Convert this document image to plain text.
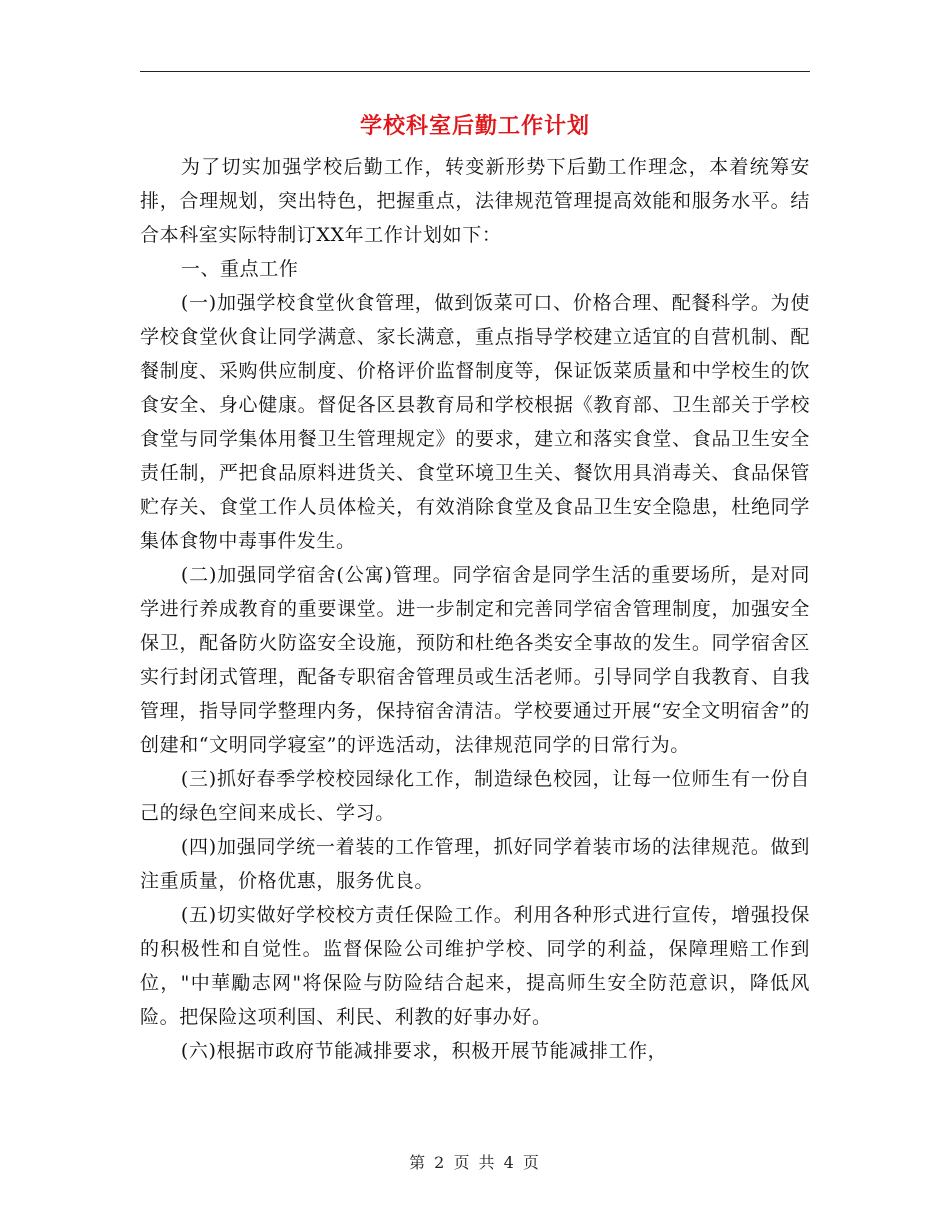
学校科室后勤工作计划

为了切实加强学校后勤工作，转变新形势下后勤工作理念，本着统筹安排，合理规划，突出特色，把握重点，法律规范管理提高效能和服务水平。结合本科室实际特制订XX年工作计划如下：

一、重点工作

(一)加强学校食堂伙食管理，做到饭菜可口、价格合理、配餐科学。为使学校食堂伙食让同学满意、家长满意，重点指导学校建立适宜的自营机制、配餐制度、采购供应制度、价格评价监督制度等，保证饭菜质量和中学校生的饮食安全、身心健康。督促各区县教育局和学校根据《教育部、卫生部关于学校食堂与同学集体用餐卫生管理规定》的要求，建立和落实食堂、食品卫生安全责任制，严把食品原料进货关、食堂环境卫生关、餐饮用具消毒关、食品保管贮存关、食堂工作人员体检关，有效消除食堂及食品卫生安全隐患，杜绝同学集体食物中毒事件发生。

(二)加强同学宿舍(公寓)管理。同学宿舍是同学生活的重要场所，是对同学进行养成教育的重要课堂。进一步制定和完善同学宿舍管理制度，加强安全保卫，配备防火防盗安全设施，预防和杜绝各类安全事故的发生。同学宿舍区实行封闭式管理，配备专职宿舍管理员或生活老师。引导同学自我教育、自我管理，指导同学整理内务，保持宿舍清洁。学校要通过开展“安全文明宿舍”的创建和“文明同学寝室”的评选活动，法律规范同学的日常行为。

(三)抓好春季学校校园绿化工作，制造绿色校园，让每一位师生有一份自己的绿色空间来成长、学习。

(四)加强同学统一着装的工作管理，抓好同学着装市场的法律规范。做到注重质量，价格优惠，服务优良。

(五)切实做好学校校方责任保险工作。利用各种形式进行宣传，增强投保的积极性和自觉性。监督保险公司维护学校、同学的利益，保障理赔工作到位，"中華勵志网"将保险与防险结合起来，提高师生安全防范意识，降低风险。把保险这项利国、利民、利教的好事办好。

(六)根据市政府节能减排要求，积极开展节能减排工作，

第 2 页 共 4 页
